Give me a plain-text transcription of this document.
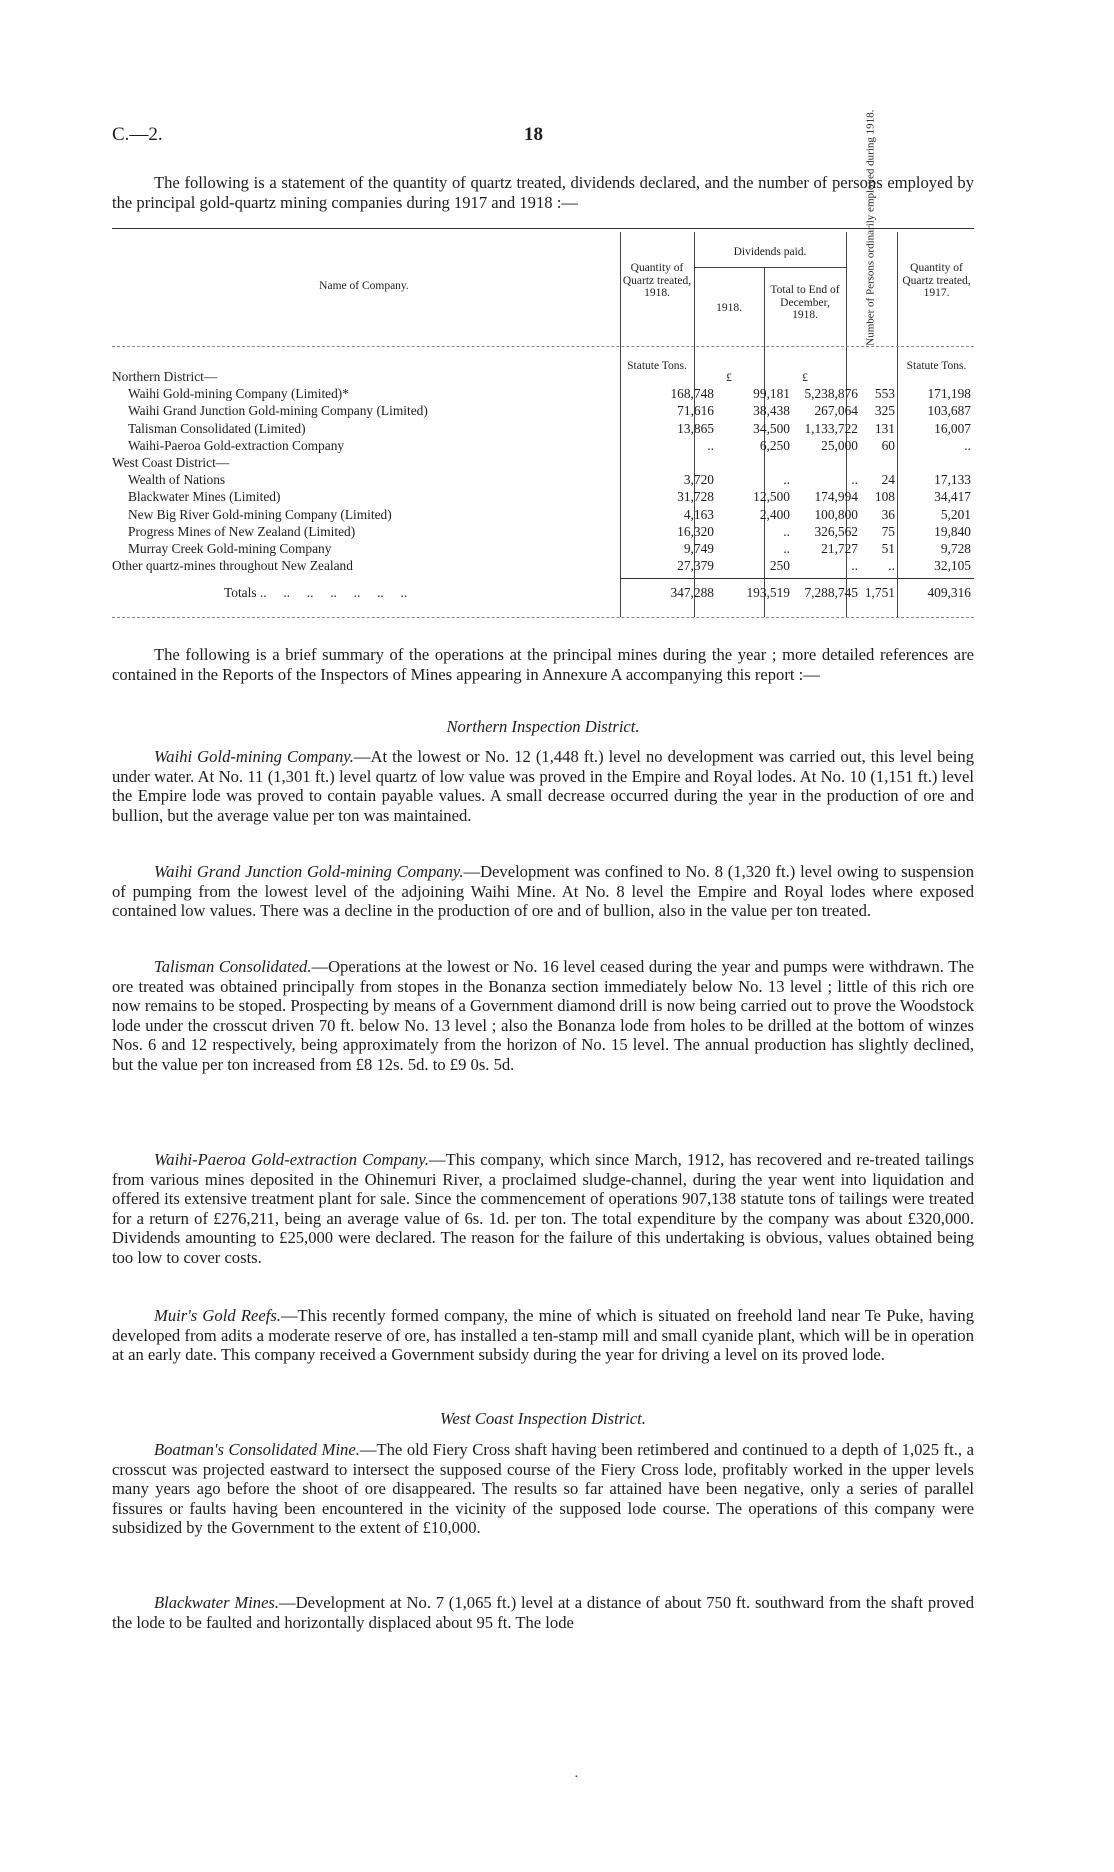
C.—2.	18

The following is a statement of the quantity of quartz treated, dividends declared, and the number of persons employed by the principal gold-quartz mining companies during 1917 and 1918 :—

Name of Company.
Quantity of Quartz treated, 1918.
Dividends paid.
1918.
Total to End of December, 1918.	Number of Persons ordinarily employed during 1918.	Quantity of Quartz treated, 1917.
Statute Tons.
£	£
Statute Tons.
Northern District—
Waihi Gold-mining Company (Limited)*	168,748	99,181	5,238,876	553	171,198
Waihi Grand Junction Gold-mining Company (Limited)	71,616	38,438	267,064	325	103,687
Talisman Consolidated (Limited)	13,865	34,500	1,133,722	131	16,007
Waihi-Paeroa Gold-extraction Company	..	6,250	25,000	60	..
West Coast District—
Wealth of Nations	3,720	..	..	24	17,133
Blackwater Mines (Limited)	31,728	12,500	174,994	108	34,417
New Big River Gold-mining Company (Limited)	4,163	2,400	100,800	36	5,201
Progress Mines of New Zealand (Limited)	16,320	..	326,562	75	19,840
Murray Creek Gold-mining Company	9,749	..	21,727	51	9,728
Other quartz-mines throughout New Zealand	27,379	250	..	..	32,105
Totals ..     ..     ..     ..     ..     ..     ..	347,288	193,519	7,288,745 1,751	409,316

The following is a brief summary of the operations at the principal mines during the year ; more detailed references are contained in the Reports of the Inspectors of Mines appearing in Annexure A accompanying this report :—

Northern Inspection District.

Waihi Gold-mining Company.—At the lowest or No. 12 (1,448 ft.) level no development was carried out, this level being under water. At No. 11 (1,301 ft.) level quartz of low value was proved in the Empire and Royal lodes. At No. 10 (1,151 ft.) level the Empire lode was proved to contain payable values. A small decrease occurred during the year in the production of ore and bullion, but the average value per ton was maintained.

Waihi Grand Junction Gold-mining Company.—Development was confined to No. 8 (1,320 ft.) level owing to suspension of pumping from the lowest level of the adjoining Waihi Mine. At No. 8 level the Empire and Royal lodes where exposed contained low values. There was a decline in the production of ore and of bullion, also in the value per ton treated.

Talisman Consolidated.—Operations at the lowest or No. 16 level ceased during the year and pumps were withdrawn. The ore treated was obtained principally from stopes in the Bonanza section immediately below No. 13 level ; little of this rich ore now remains to be stoped. Prospecting by means of a Government diamond drill is now being carried out to prove the Woodstock lode under the crosscut driven 70 ft. below No. 13 level ; also the Bonanza lode from holes to be drilled at the bottom of winzes Nos. 6 and 12 respectively, being approximately from the horizon of No. 15 level. The annual production has slightly declined, but the value per ton increased from £8 12s. 5d. to £9 0s. 5d.

Waihi-Paeroa Gold-extraction Company.—This company, which since March, 1912, has recovered and re-treated tailings from various mines deposited in the Ohinemuri River, a proclaimed sludge-channel, during the year went into liquidation and offered its extensive treatment plant for sale. Since the commencement of operations 907,138 statute tons of tailings were treated for a return of £276,211, being an average value of 6s. 1d. per ton. The total expenditure by the company was about £320,000. Dividends amounting to £25,000 were declared. The reason for the failure of this undertaking is obvious, values obtained being too low to cover costs.

Muir's Gold Reefs.—This recently formed company, the mine of which is situated on freehold land near Te Puke, having developed from adits a moderate reserve of ore, has installed a ten-stamp mill and small cyanide plant, which will be in operation at an early date. This company received a Government subsidy during the year for driving a level on its proved lode.

West Coast Inspection District.

Boatman's Consolidated Mine.—The old Fiery Cross shaft having been retimbered and continued to a depth of 1,025 ft., a crosscut was projected eastward to intersect the supposed course of the Fiery Cross lode, profitably worked in the upper levels many years ago before the shoot of ore disappeared. The results so far attained have been negative, only a series of parallel fissures or faults having been encountered in the vicinity of the supposed lode course. The operations of this company were subsidized by the Government to the extent of £10,000.

Blackwater Mines.—Development at No. 7 (1,065 ft.) level at a distance of about 750 ft. southward from the shaft proved the lode to be faulted and horizontally displaced about 95 ft. The lode

·
